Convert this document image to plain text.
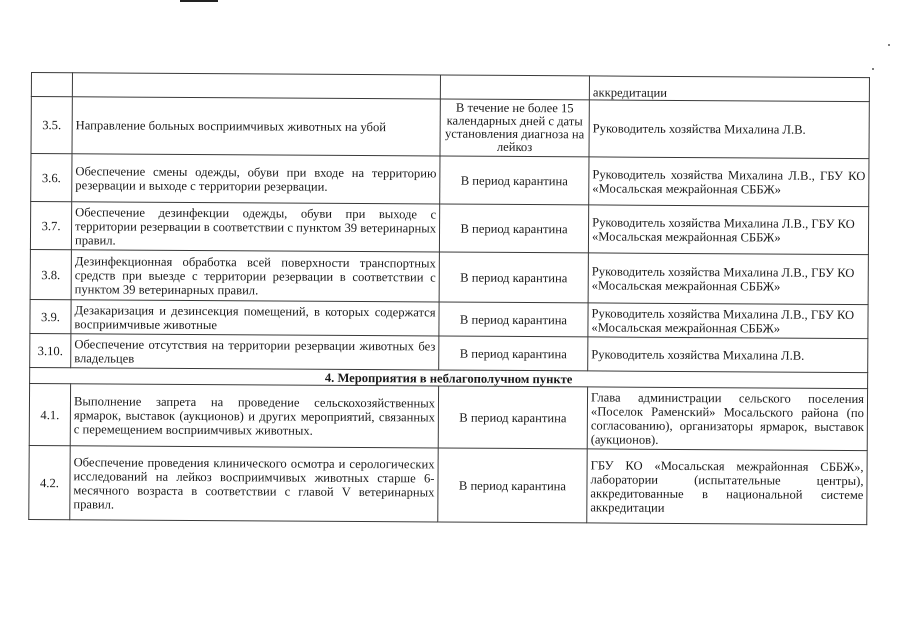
			аккредитации
3.5.	Направление больных восприимчивых животных на убой	В течение не более 15 календарных дней с даты установления диагноза на лейкоз	Руководитель хозяйства Михалина Л.В.
3.6.	Обеспечение смены одежды, обуви при входе на территорию резервации и выходе с территории резервации.	В период карантина	Руководитель хозяйства Михалина Л.В., ГБУ КО «Мосальская межрайонная СББЖ»
3.7.	Обеспечение дезинфекции одежды, обуви при выходе с территории резервации в соответствии с пунктом 39 ветеринарных правил.	В период карантина	Руководитель хозяйства Михалина Л.В., ГБУ КО «Мосальская межрайонная СББЖ»
3.8.	Дезинфекционная обработка всей поверхности транспортных средств при выезде с территории резервации в соответствии с пунктом 39 ветеринарных правил.	В период карантина	Руководитель хозяйства Михалина Л.В., ГБУ КО «Мосальская межрайонная СББЖ»
3.9.	Дезакаризация и дезинсекция помещений, в которых содержатся восприимчивые животные	В период карантина	Руководитель хозяйства Михалина Л.В., ГБУ КО «Мосальская межрайонная СББЖ»
3.10.	Обеспечение отсутствия на территории резервации животных без владельцев	В период карантина	Руководитель хозяйства Михалина Л.В.
4. Мероприятия в неблагополучном пункте			
4.1.	Выполнение запрета на проведение сельскохозяйственных ярмарок, выставок (аукционов) и других мероприятий, связанных с перемещением восприимчивых животных.	В период карантина	Глава администрации сельского поселения «Поселок Раменский» Мосальского района (по согласованию), организаторы ярмарок, выставок (аукционов).
4.2.	Обеспечение проведения клинического осмотра и серологических исследований на лейкоз восприимчивых животных старше 6-месячного возраста в соответствии с главой V ветеринарных правил.	В период карантина	ГБУ КО «Мосальская межрайонная СББЖ», лаборатории (испытательные центры), аккредитованные в национальной системе аккредитации
